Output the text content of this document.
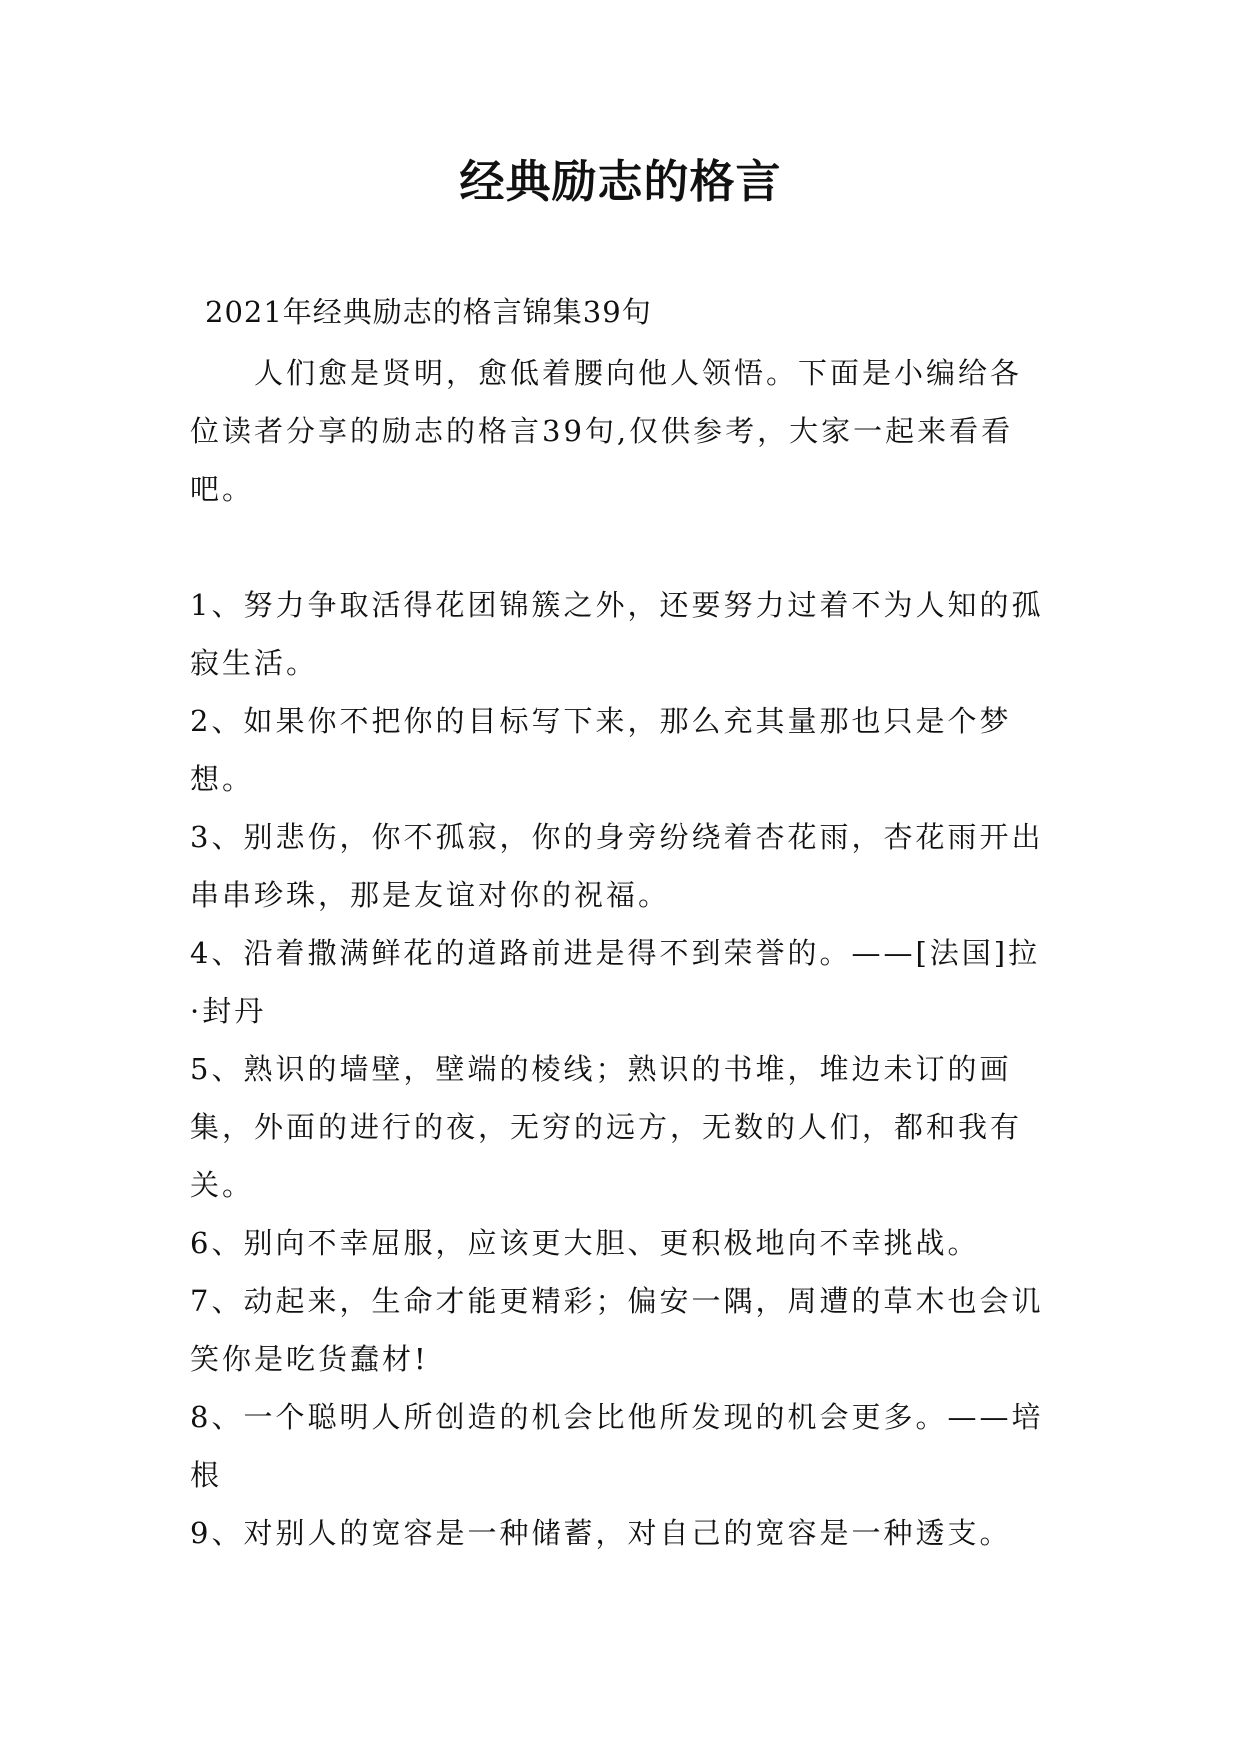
经典励志的格言
2021年经典励志的格言锦集39句

人们愈是贤明，愈低着腰向他人领悟。下面是小编给各位读者分享的励志的格言39句,仅供参考，大家一起来看看吧。

1、努力争取活得花团锦簇之外，还要努力过着不为人知的孤寂生活。
2、如果你不把你的目标写下来，那么充其量那也只是个梦想。
3、别悲伤，你不孤寂，你的身旁纷绕着杏花雨，杏花雨开出串串珍珠，那是友谊对你的祝福。
4、沿着撒满鲜花的道路前进是得不到荣誉的。——[法国]拉·封丹
5、熟识的墙壁，壁端的棱线；熟识的书堆，堆边未订的画集，外面的进行的夜，无穷的远方，无数的人们，都和我有关。
6、别向不幸屈服，应该更大胆、更积极地向不幸挑战。
7、动起来，生命才能更精彩；偏安一隅，周遭的草木也会讥笑你是吃货蠢材!
8、一个聪明人所创造的机会比他所发现的机会更多。——培根
9、对别人的宽容是一种储蓄，对自己的宽容是一种透支。
